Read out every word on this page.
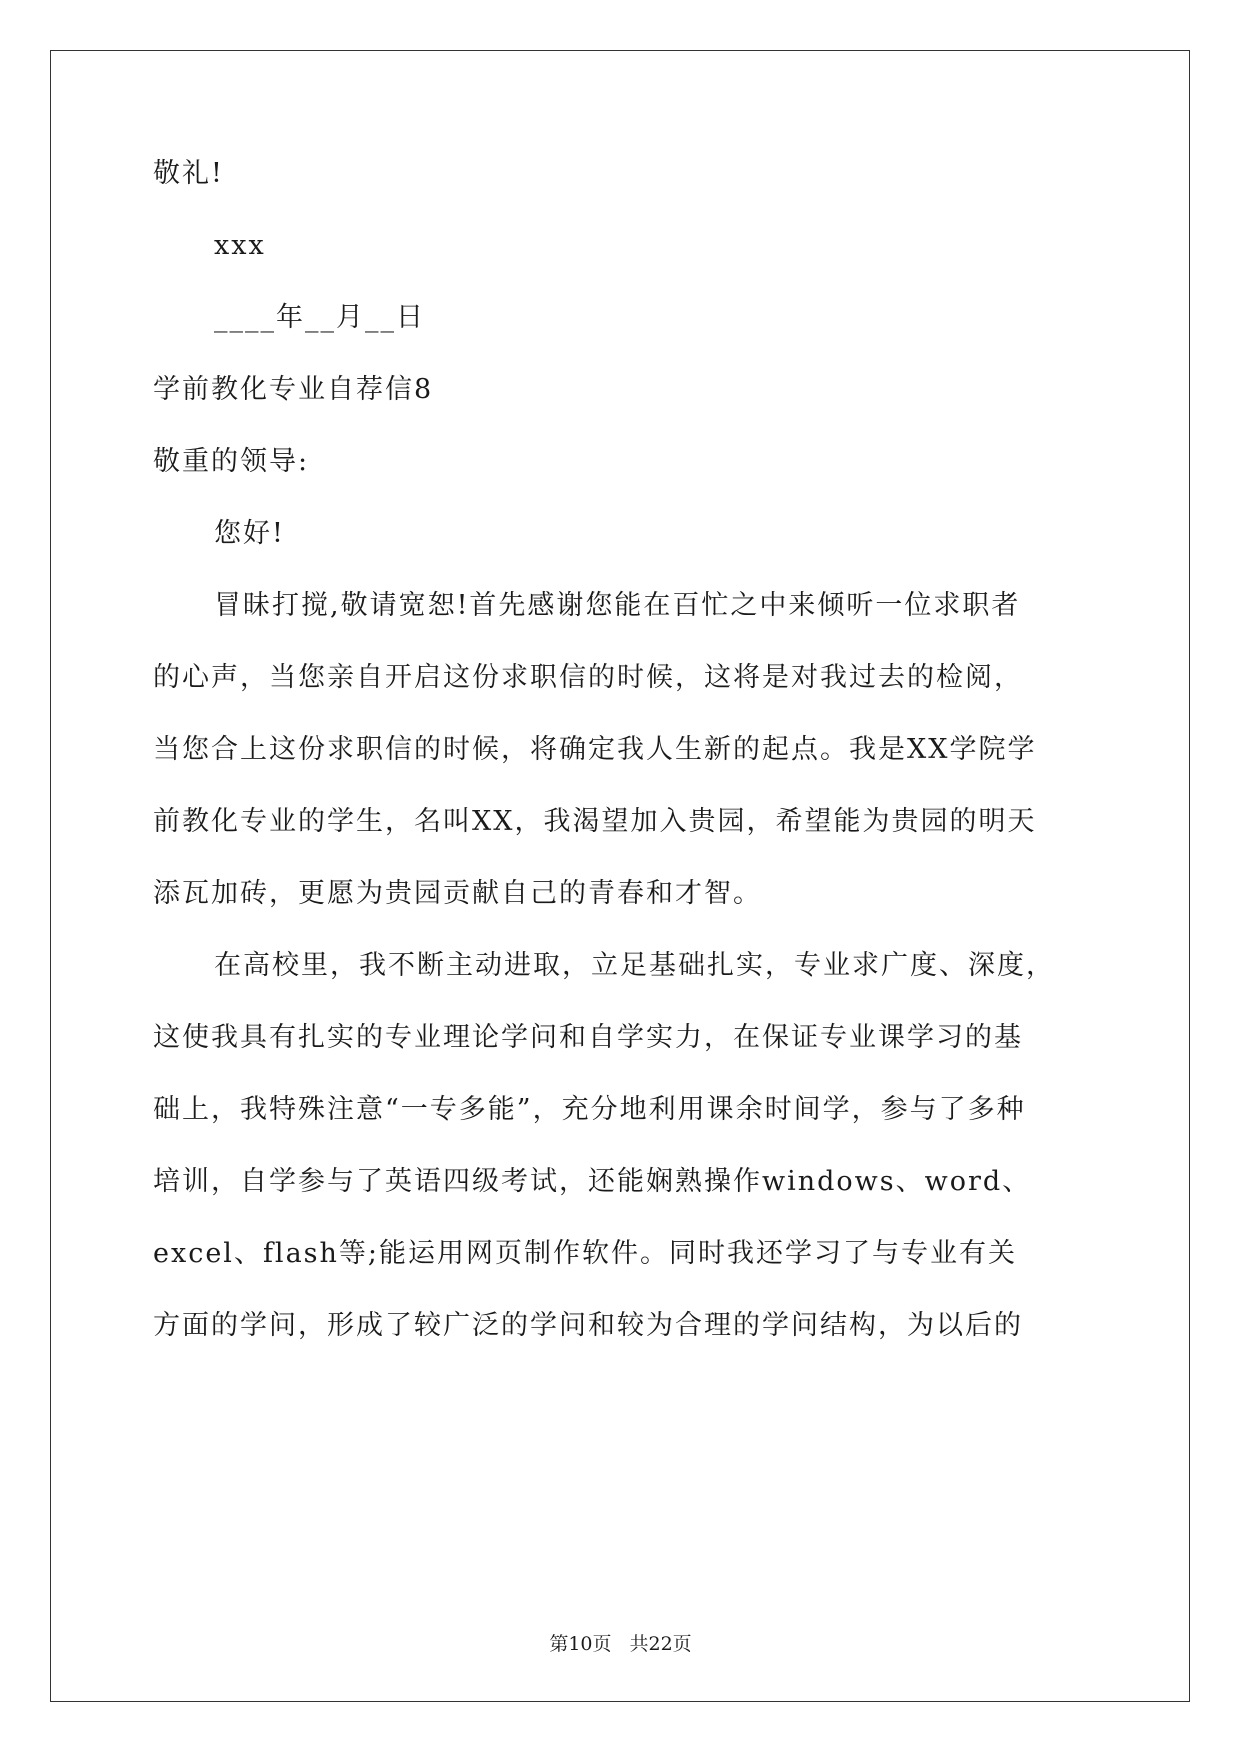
敬礼!
xxx
____年__月__日
学前教化专业自荐信8
敬重的领导:
您好!
冒昧打搅,敬请宽恕!首先感谢您能在百忙之中来倾听一位求职者
的心声，当您亲自开启这份求职信的时候，这将是对我过去的检阅，
当您合上这份求职信的时候，将确定我人生新的起点。我是XX学院学
前教化专业的学生，名叫XX，我渴望加入贵园，希望能为贵园的明天
添瓦加砖，更愿为贵园贡献自己的青春和才智。
在高校里，我不断主动进取，立足基础扎实，专业求广度、深度，
这使我具有扎实的专业理论学问和自学实力，在保证专业课学习的基
础上，我特殊注意“一专多能”，充分地利用课余时间学，参与了多种
培训，自学参与了英语四级考试，还能娴熟操作windows、word、
excel、flash等;能运用网页制作软件。同时我还学习了与专业有关
方面的学问，形成了较广泛的学问和较为合理的学问结构，为以后的
第10页 共22页
